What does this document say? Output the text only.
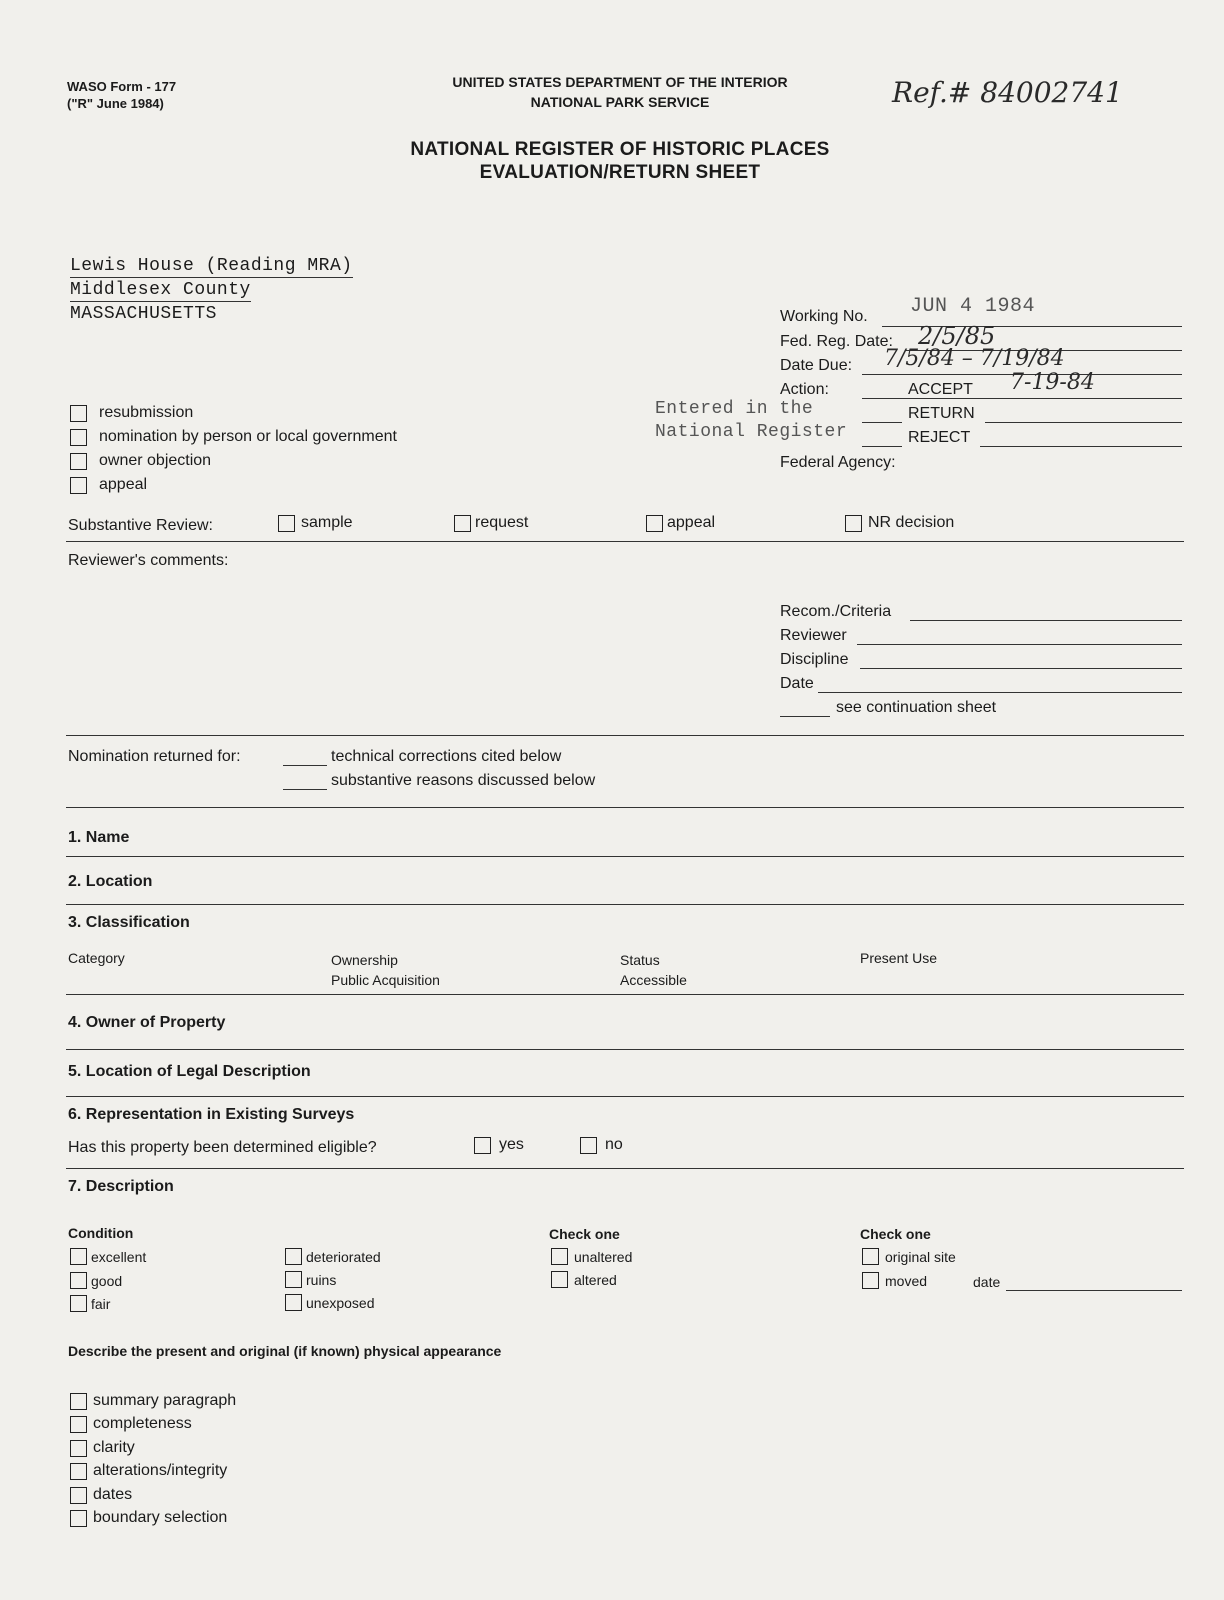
WASO Form - 177
("R" June 1984)
UNITED STATES DEPARTMENT OF THE INTERIOR
NATIONAL PARK SERVICE	Ref.# 84002741
NATIONAL REGISTER OF HISTORIC PLACES
EVALUATION/RETURN SHEET
Lewis House (Reading MRA)
Middlesex County
MASSACHUSETTS	Working No. JUN 4 1984
Fed. Reg. Date: 2/5/85
Date Due: 7/5/84 – 7/19/84
Action:	ACCEPT 7-19-84
RETURN
REJECT
Federal Agency:
Entered in the
National Register
resubmission
nomination by person or local government
owner objection
appeal
Substantive Review:	sample	request	appeal	NR decision
Reviewer's comments:
Recom./Criteria
Reviewer
Discipline
Date
see continuation sheet
Nomination returned for:	technical corrections cited below
substantive reasons discussed below
1. Name
2. Location
3. Classification
Category	Ownership
Public Acquisition
Status
Accessible
Present Use
4. Owner of Property
5. Location of Legal Description
6. Representation in Existing Surveys
Has this property been determined eligible?	yes	no
7. Description
Condition
excellent
good
fair
deteriorated
ruins
unexposed
Check one
unaltered
altered
Check one
original site
moved	date
Describe the present and original (if known) physical appearance
summary paragraph
completeness
clarity
alterations/integrity
dates
boundary selection
